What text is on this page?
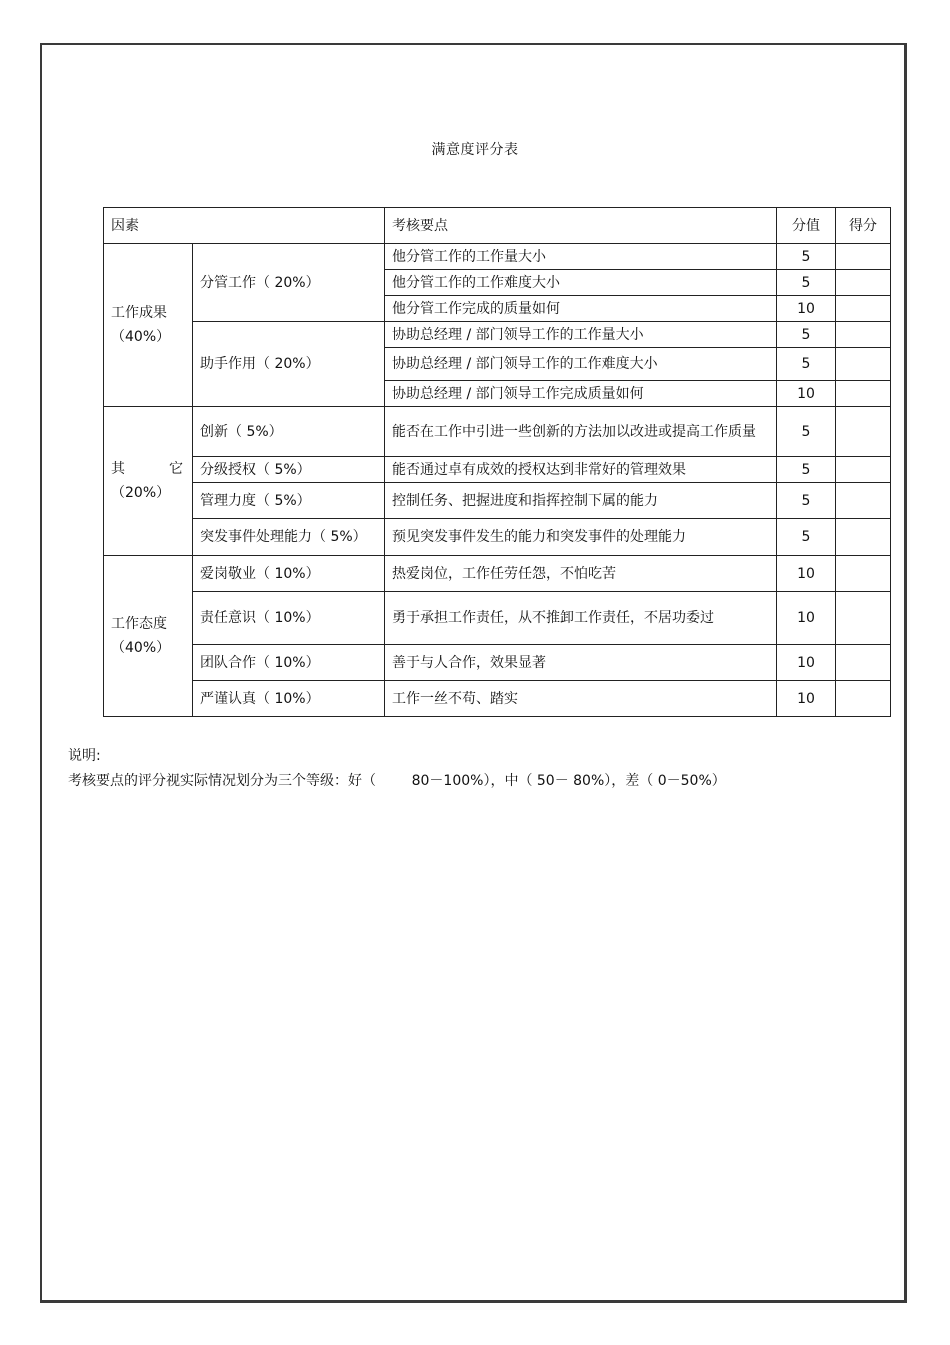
满意度评分表
因素		考核要点	分值	得分

工作成果
（40%）	分管工作（ 20%）	他分管工作的工作量大小	5	
		他分管工作的工作难度大小	5	
		他分管工作完成的质量如何	10	
	助手作用（ 20%）	协助总经理 / 部门领导工作的工作量大小	5	
		协助总经理 / 部门领导工作的工作难度大小	5	
		协助总经理 / 部门领导工作完成质量如何	10	

其 它
（20%）	创新（ 5%）	能否在工作中引进一些创新的方法加以改进或提高工作质量	5	
	分级授权（ 5%）	能否通过卓有成效的授权达到非常好的管理效果	5	
	管理力度（ 5%）	控制任务、把握进度和指挥控制下属的能力	5	
	突发事件处理能力（ 5%）	预见突发事件发生的能力和突发事件的处理能力	5	

工作态度
（40%）	爱岗敬业（ 10%）	热爱岗位，工作任劳任怨，不怕吃苦	10	
	责任意识（ 10%）	勇于承担工作责任，从不推卸工作责任，不居功委过	10	
	团队合作（ 10%）	善于与人合作，效果显著	10	
	严谨认真（ 10%）	工作一丝不苟、踏实	10	
说明:
考核要点的评分视实际情况划分为三个等级：好（        80－100%），中（ 50－ 80%），差（ 0－50%）
